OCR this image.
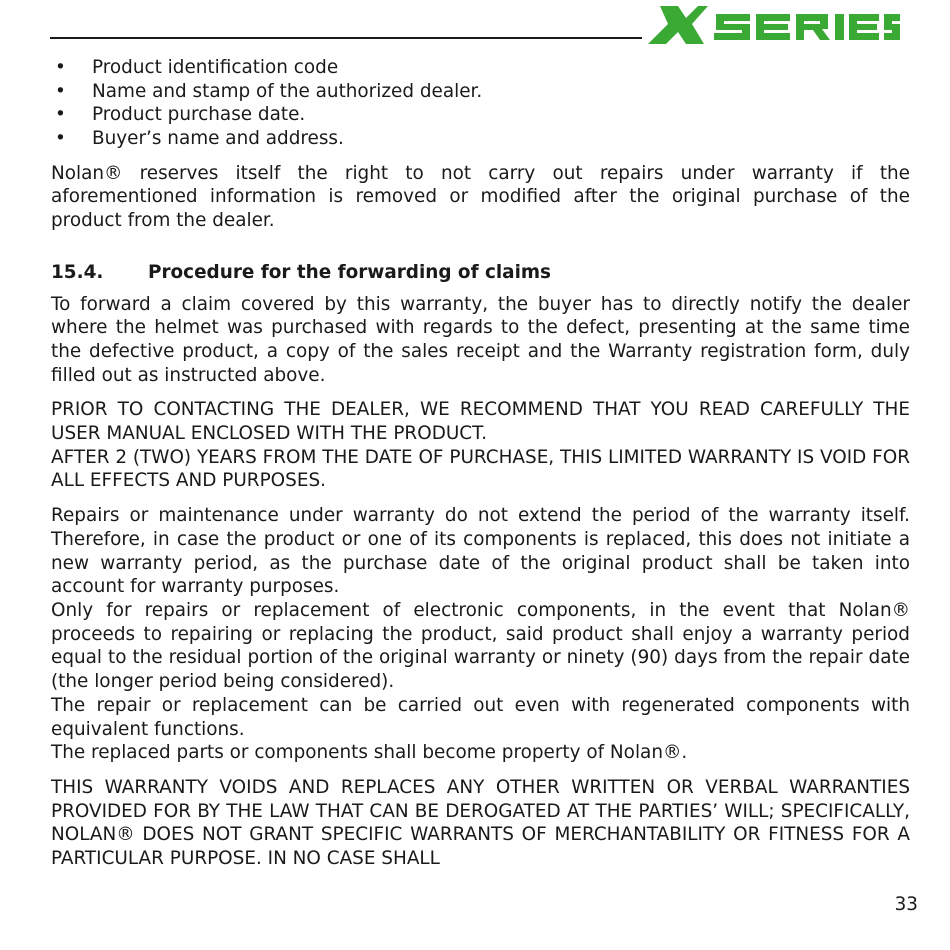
• Product identification code
• Name and stamp of the authorized dealer.
• Product purchase date.
• Buyer’s name and address.

Nolan® reserves itself the right to not carry out repairs under warranty if the aforementioned information is removed or modified after the original purchase of the product from the dealer.

15.4. Procedure for the forwarding of claims

To forward a claim covered by this warranty, the buyer has to directly notify the dealer where the helmet was purchased with regards to the defect, presenting at the same time the defective product, a copy of the sales receipt and the Warranty registration form, duly filled out as instructed above.

PRIOR TO CONTACTING THE DEALER, WE RECOMMEND THAT YOU READ CAREFULLY THE USER MANUAL ENCLOSED WITH THE PRODUCT.

AFTER 2 (TWO) YEARS FROM THE DATE OF PURCHASE, THIS LIMITED WARRANTY IS VOID FOR ALL EFFECTS AND PURPOSES.

Repairs or maintenance under warranty do not extend the period of the warranty itself. Therefore, in case the product or one of its components is replaced, this does not initiate a new warranty period, as the purchase date of the original product shall be taken into account for warranty purposes.

Only for repairs or replacement of electronic components, in the event that Nolan® proceeds to repairing or replacing the product, said product shall enjoy a warranty period equal to the residual portion of the original warranty or ninety (90) days from the repair date (the longer period being considered).

The repair or replacement can be carried out even with regenerated components with equivalent functions.

The replaced parts or components shall become property of Nolan®.

THIS WARRANTY VOIDS AND REPLACES ANY OTHER WRITTEN OR VERBAL WARRANTIES PROVIDED FOR BY THE LAW THAT CAN BE DEROGATED AT THE PARTIES’ WILL; SPECIFICALLY, NOLAN® DOES NOT GRANT SPECIFIC WARRANTS OF MERCHANTABILITY OR FITNESS FOR A PARTICULAR PURPOSE. IN NO CASE SHALL

33
